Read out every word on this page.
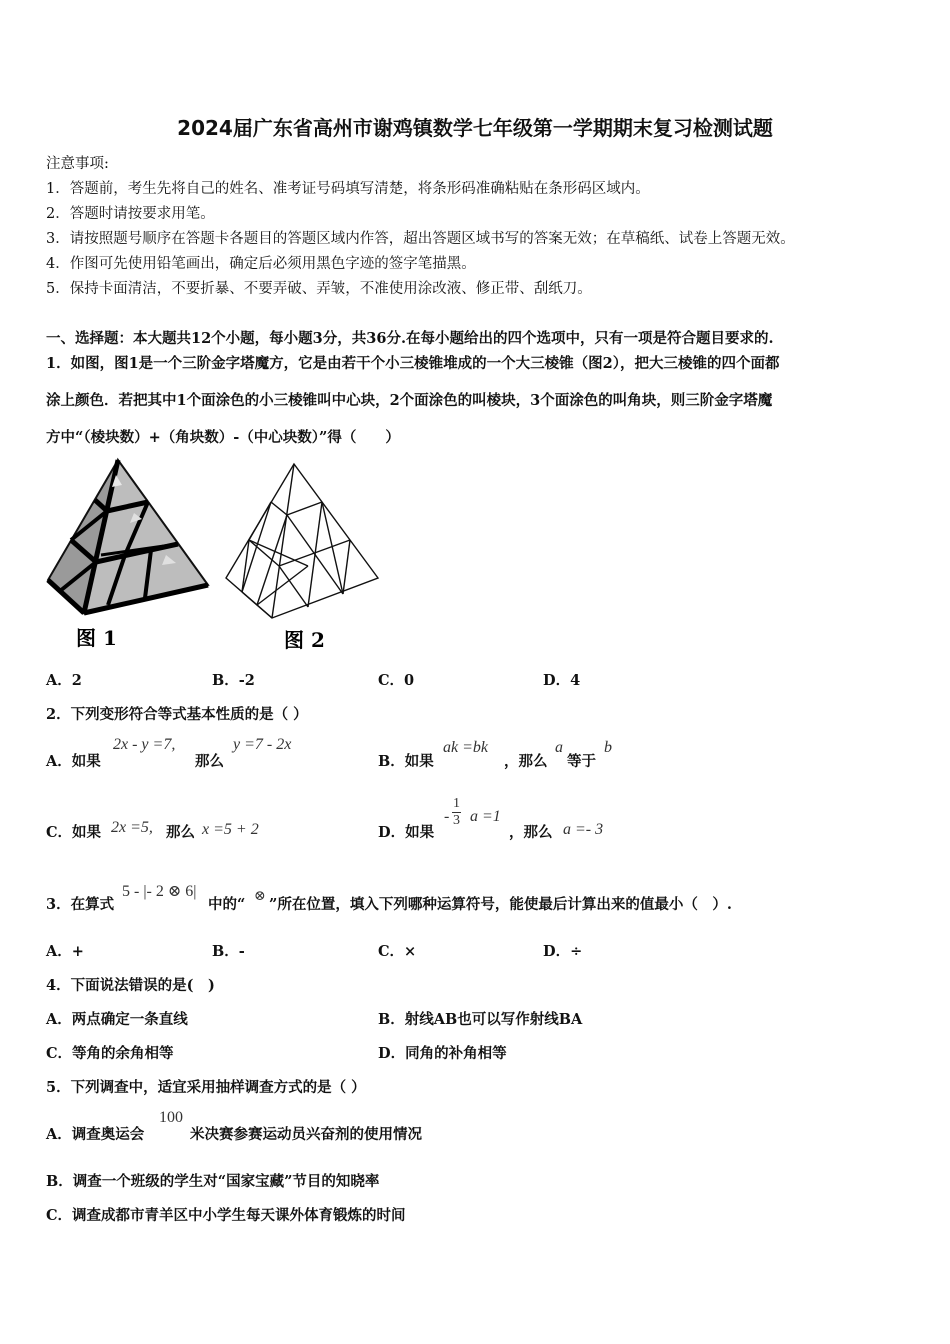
2024届广东省高州市谢鸡镇数学七年级第一学期期末复习检测试题
注意事项:
1．答题前，考生先将自己的姓名、准考证号码填写清楚，将条形码准确粘贴在条形码区域内。
2．答题时请按要求用笔。
3．请按照题号顺序在答题卡各题目的答题区域内作答，超出答题区域书写的答案无效；在草稿纸、试卷上答题无效。
4．作图可先使用铅笔画出，确定后必须用黑色字迹的签字笔描黑。
5．保持卡面清洁，不要折暴、不要弄破、弄皱，不准使用涂改液、修正带、刮纸刀。
一、选择题：本大题共12个小题，每小题3分，共36分.在每小题给出的四个选项中，只有一项是符合题目要求的.
1．如图，图1是一个三阶金字塔魔方，它是由若干个小三棱锥堆成的一个大三棱锥（图2），把大三棱锥的四个面都
涂上颜色．若把其中1个面涂色的小三棱锥叫中心块，2个面涂色的叫棱块，3个面涂色的叫角块，则三阶金字塔魔
方中“（棱块数）+（角块数）-（中心块数）”得（　　）
图 1	图 2
A．2	B．-2	C．0	D．4
2．下列变形符合等式基本性质的是（ ）
A．如果
2x - y =7,
那么
y =7 - 2x
B．如果
ak =bk
，那么
a
等于
b
C．如果 2x =5, 那么 x =5 + 2	D．如果
- $\frac{1}{3}$ a =1
，那么 a =- 3
3．在算式
5 - |- 2 ⊗ 6|
中的“ ⊗ ”所在位置，填入下列哪种运算符号，能使最后计算出来的值最小（　）.
A．+	B．-	C．×	D．÷
4．下面说法错误的是(　)
A．两点确定一条直线	B．射线AB也可以写作射线BA
C．等角的余角相等	D．同角的补角相等
5．下列调查中，适宜采用抽样调查方式的是（ ）
A．调查奥运会
100
米决赛参赛运动员兴奋剂的使用情况
B．调查一个班级的学生对“国家宝藏”节目的知晓率
C．调查成都市青羊区中小学生每天课外体育锻炼的时间
